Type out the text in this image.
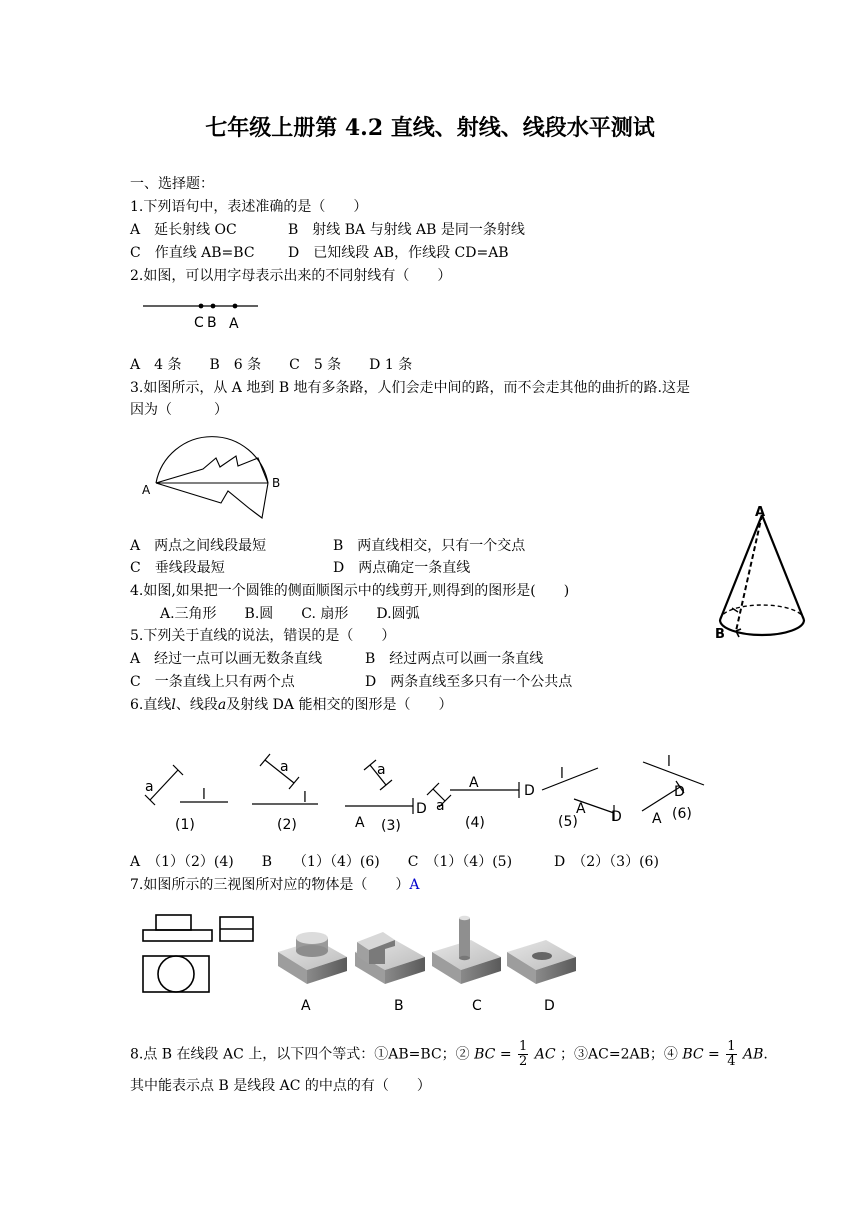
七年级上册第 4.2 直线、射线、线段水平测试
一、选择题：
1.下列语句中，表述准确的是（　　）
A　延长射线 OC	B　射线 BA 与射线 AB 是同一条射线
C　作直线 AB=BC D　已知线段 AB，作线段 CD=AB
2.如图，可以用字母表示出来的不同射线有（　　）
C B A
A　4 条　　B　6 条　　C　5 条　　D 1 条
3.如图所示，从 A 地到 B 地有多条路，人们会走中间的路，而不会走其他的曲折的路.这是
因为（　　　）
A	B
A　两点之间线段最短	B　两直线相交，只有一个交点
C　垂线段最短	D　两点确定一条直线
4.如图,如果把一个圆锥的侧面顺图示中的线剪开,则得到的图形是(　　)
A.三角形　　B.圆　　C. 扇形　　D.圆弧
A
B
5.下列关于直线的说法，错误的是（　　）
A　经过一点可以画无数条直线	B　经过两点可以画一条直线
C　一条直线上只有两个点	D　两条直线至多只有一个公共点
6.直线l、线段a及射线 DA 能相交的图形是（　　）
a	l
a
l
a
A
D a
A	D
l
A D
l
D
A
(1)	(2)	(3)	(4)	(5)	(6)
A　（1）（2）(4)　　B　　（1）（4）(6)　　C　（1）（4）(5)　　　D　（2）（3）(6)
7.如图所示的三视图所对应的物体是（　　）A
A	B	C	D
8.点 B 在线段 AC 上，以下四个等式：①AB=BC；② BC = $\frac{1}{2}$ AC ；③AC=2AB；④ BC = $\frac{1}{4}$ AB.
其中能表示点 B 是线段 AC 的中点的有（　　）
